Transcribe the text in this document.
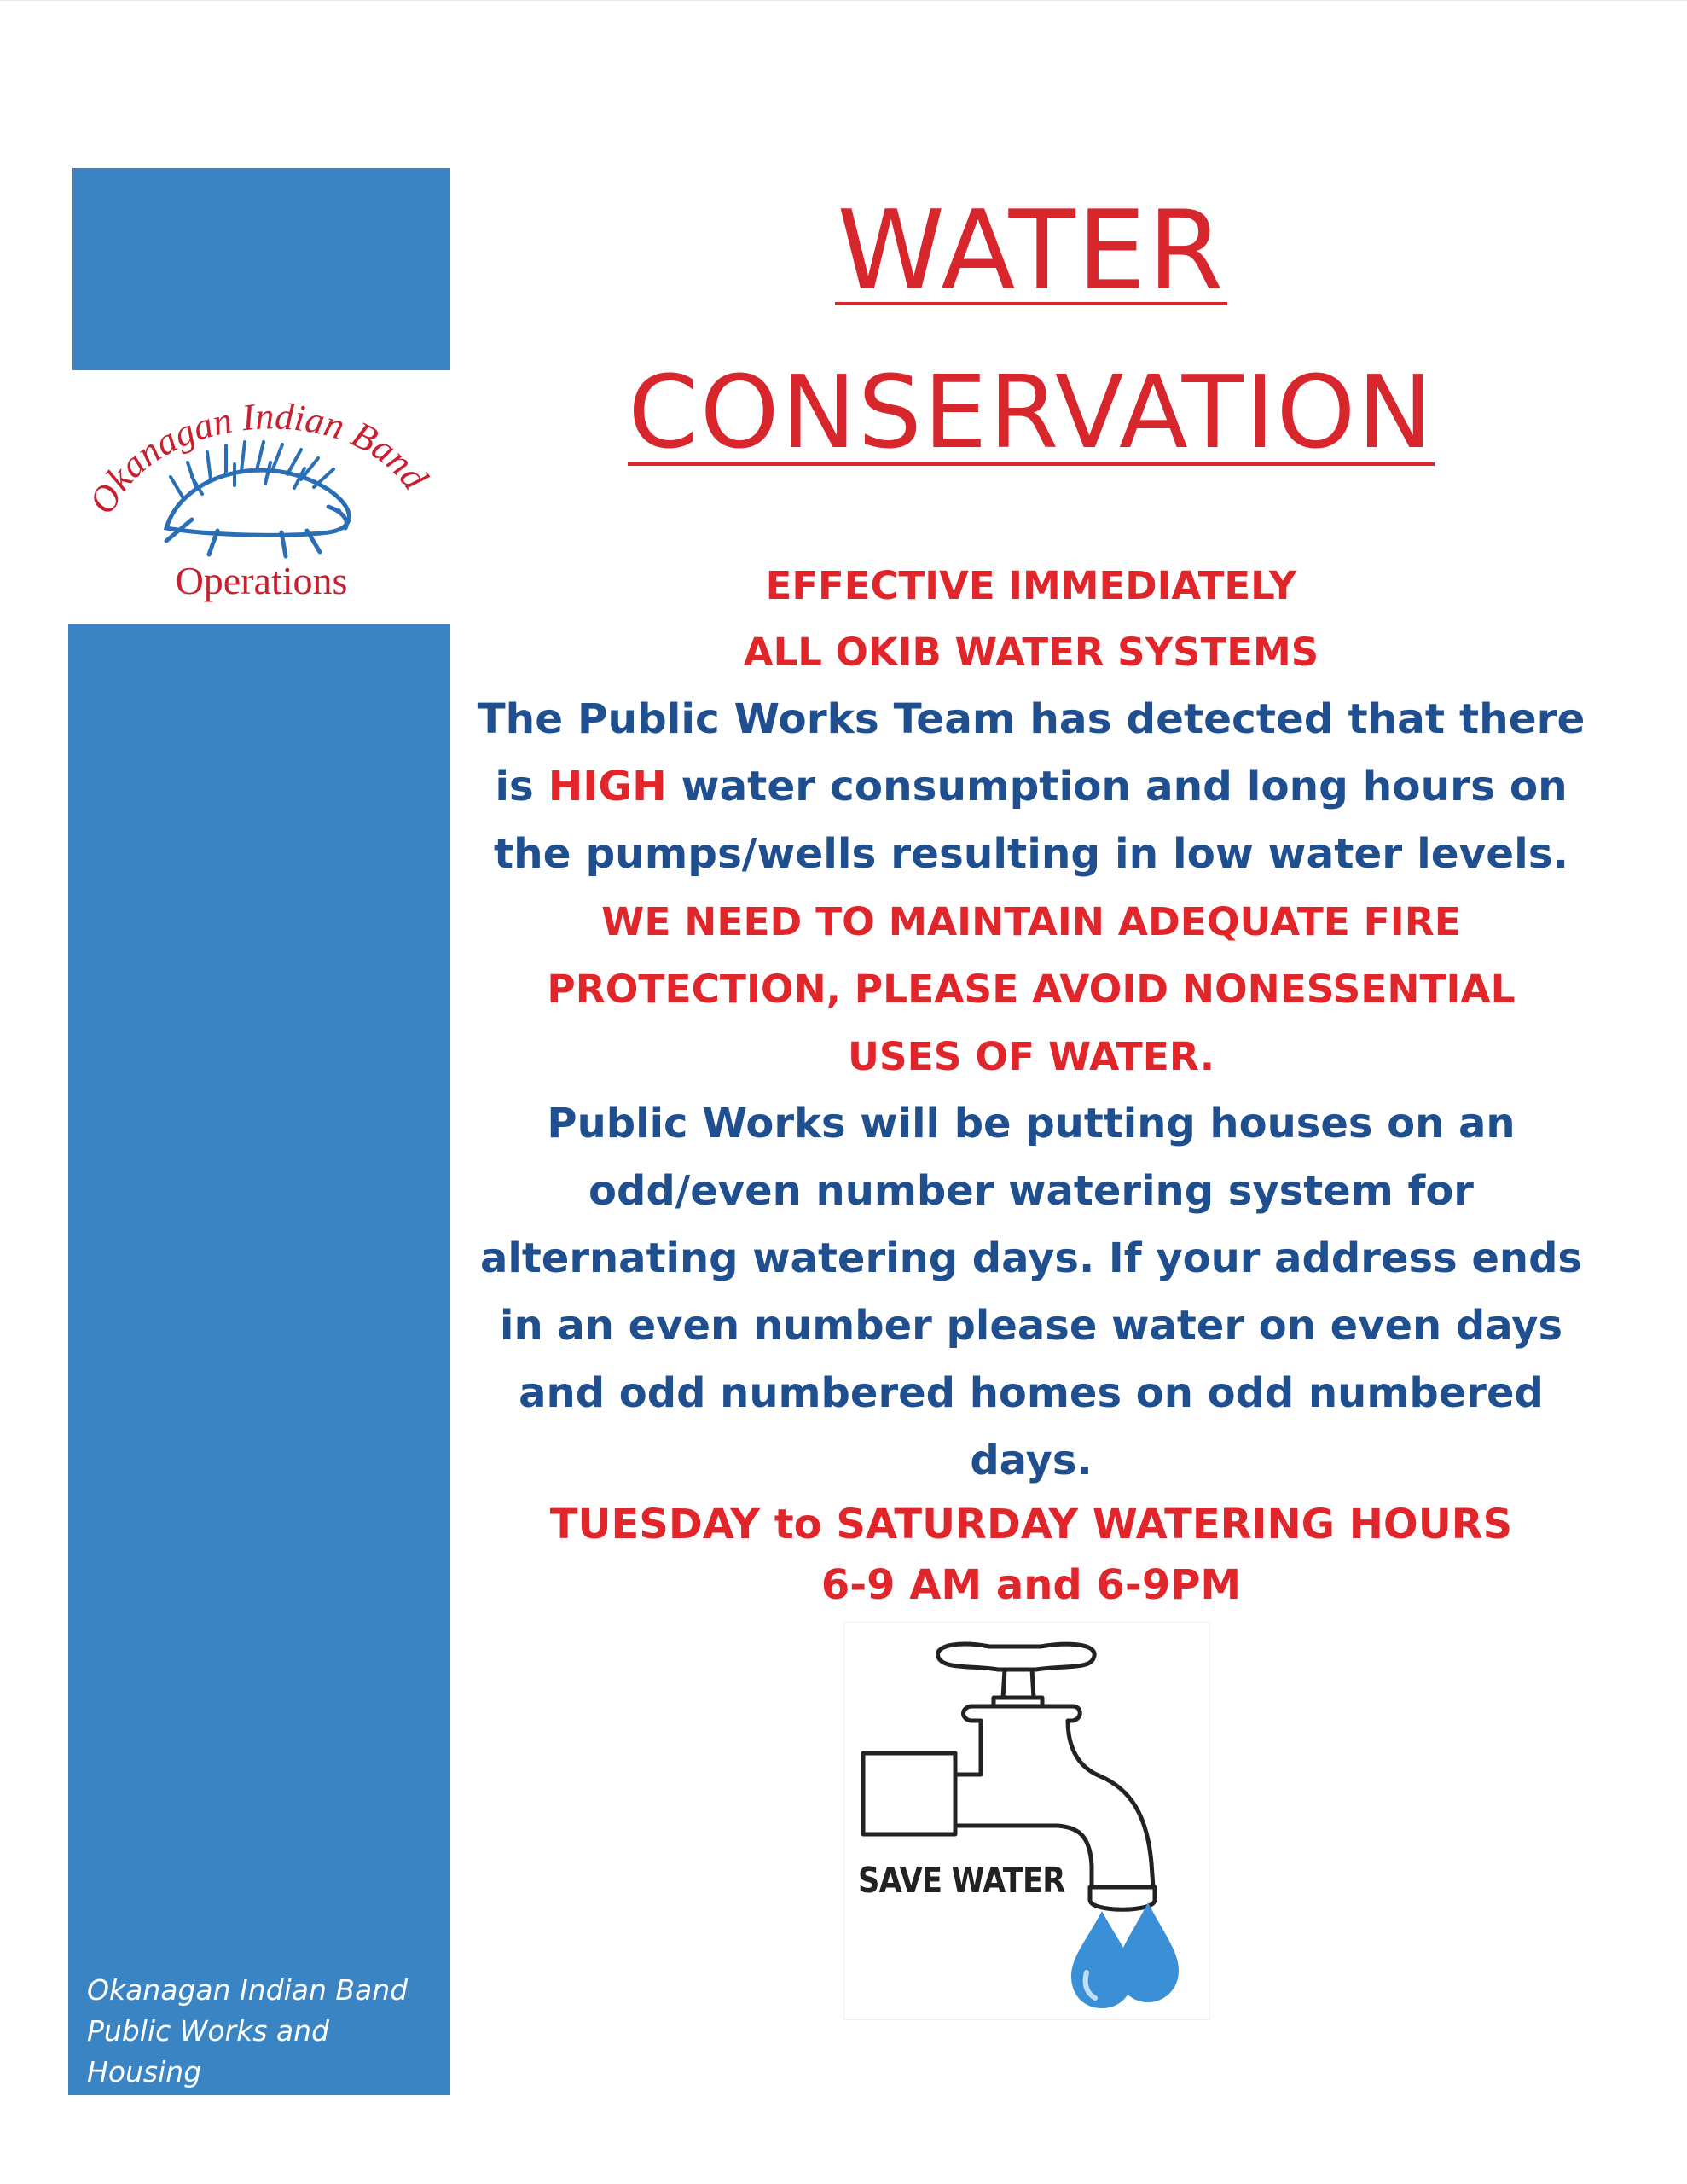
Okanagan Indian Band
Operations
Okanagan Indian Band
Public Works and
Housing
11505 Westside Road
Ph: 250-542-3444
WATER
CONSERVATION
EFFECTIVE IMMEDIATELY
ALL OKIB WATER SYSTEMS
The Public Works Team has detected that there
is HIGH water consumption and long hours on
the pumps/wells resulting in low water levels.
WE NEED TO MAINTAIN ADEQUATE FIRE
PROTECTION, PLEASE AVOID NONESSENTIAL
USES OF WATER.
Public Works will be putting houses on an
odd/even number watering system for
alternating watering days. If your address ends
in an even number please water on even days
and odd numbered homes on odd numbered
days.
TUESDAY to SATURDAY WATERING HOURS
6-9 AM and 6-9PM
SAVE WATER
